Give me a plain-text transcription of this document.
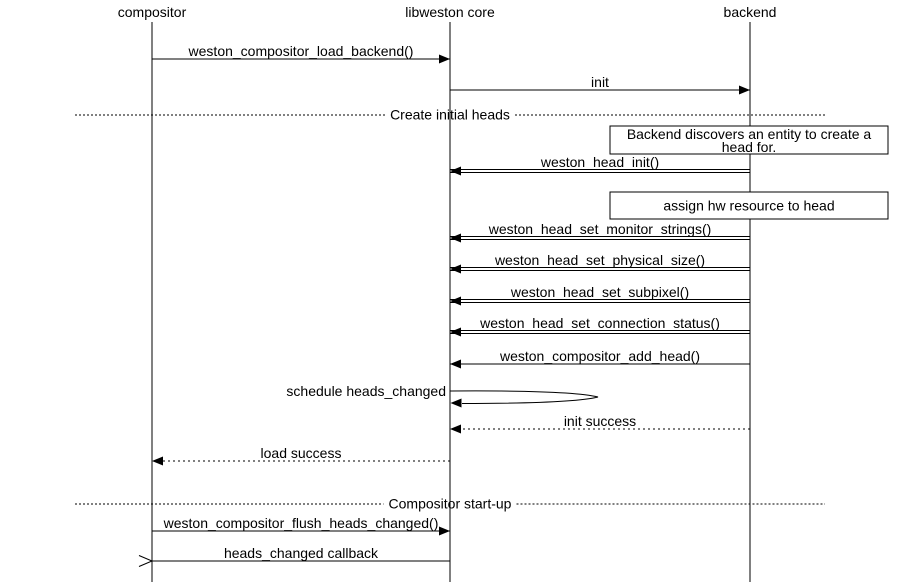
compositor	libweston core	backend
weston_compositor_load_backend()
init
Create initial heads
Backend discovers an entity to create a
head for.
weston_head_init()
assign hw resource to head
weston_head_set_monitor_strings()
weston_head_set_physical_size()
weston_head_set_subpixel()
weston_head_set_connection_status()
weston_compositor_add_head()
schedule heads_changed
init success
load success
Compositor start-up
weston_compositor_flush_heads_changed()
heads_changed callback
